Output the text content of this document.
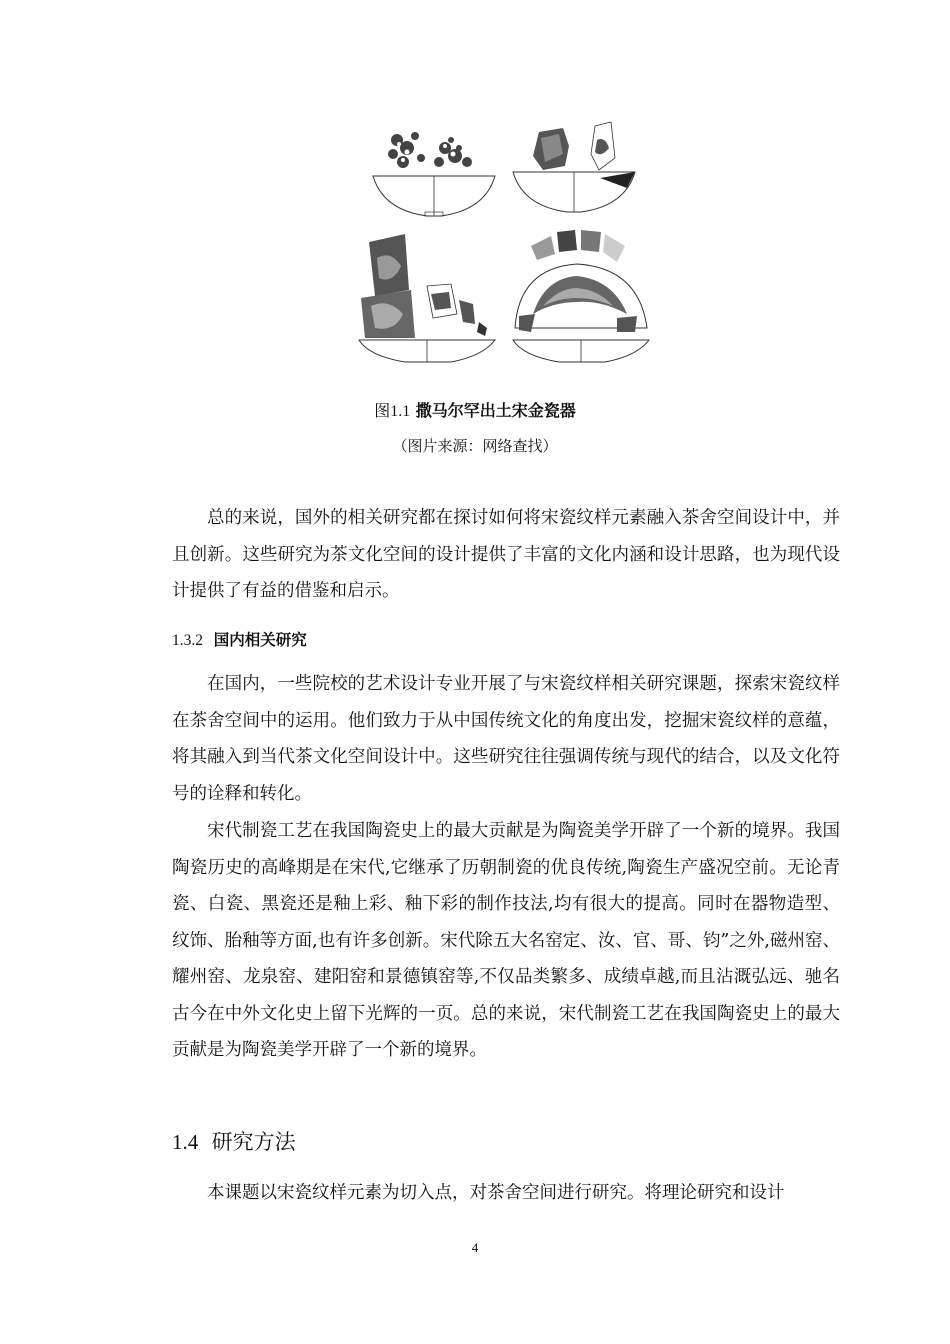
图1.1 撒马尔罕出土宋金瓷器
（图片来源：网络查找）

总的来说，国外的相关研究都在探讨如何将宋瓷纹样元素融入茶舍空间设计中，并且创新。这些研究为茶文化空间的设计提供了丰富的文化内涵和设计思路，也为现代设计提供了有益的借鉴和启示。

1.3.2 国内相关研究

在国内，一些院校的艺术设计专业开展了与宋瓷纹样相关研究课题，探索宋瓷纹样在茶舍空间中的运用。他们致力于从中国传统文化的角度出发，挖掘宋瓷纹样的意蕴，将其融入到当代茶文化空间设计中。这些研究往往强调传统与现代的结合，以及文化符号的诠释和转化。

宋代制瓷工艺在我国陶瓷史上的最大贡献是为陶瓷美学开辟了一个新的境界。我国陶瓷历史的高峰期是在宋代,它继承了历朝制瓷的优良传统,陶瓷生产盛况空前。无论青瓷、白瓷、黑瓷还是釉上彩、釉下彩的制作技法,均有很大的提高。同时在器物造型、纹饰、胎釉等方面,也有许多创新。宋代除五大名窑定、汝、官、哥、钧”之外,磁州窑、耀州窑、龙泉窑、建阳窑和景德镇窑等,不仅品类繁多、成绩卓越,而且沾溉弘远、驰名古今在中外文化史上留下光辉的一页。总的来说，宋代制瓷工艺在我国陶瓷史上的最大贡献是为陶瓷美学开辟了一个新的境界。

1.4 研究方法

本课题以宋瓷纹样元素为切入点，对茶舍空间进行研究。将理论研究和设计

4
